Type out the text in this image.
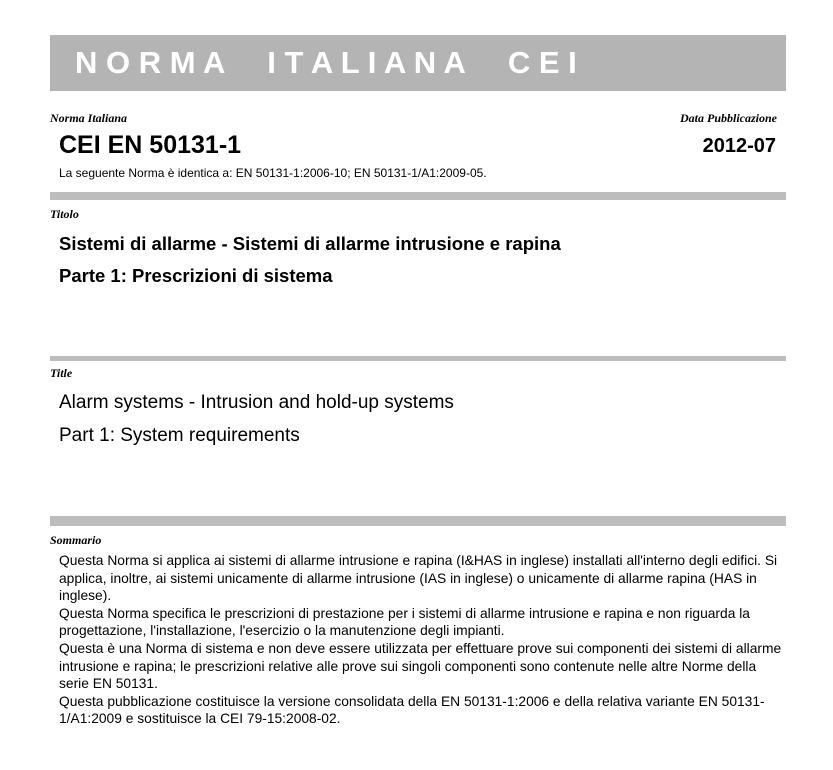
N O R M A     I T A L I A N A     C E I
Norma Italiana	Data Pubblicazione
CEI EN 50131-1	2012-07
La seguente Norma è identica a: EN 50131-1:2006-10; EN 50131-1/A1:2009-05.
Titolo
Sistemi di allarme - Sistemi di allarme intrusione e rapina
Parte 1: Prescrizioni di sistema
Title
Alarm systems - Intrusion and hold-up systems
Part 1: System requirements
Sommario

Questa Norma si applica ai sistemi di allarme intrusione e rapina (I&HAS in inglese) installati all'interno degli edifici. Si applica, inoltre, ai sistemi unicamente di allarme intrusione (IAS in inglese) o unicamente di allarme rapina (HAS in inglese).

Questa Norma specifica le prescrizioni di prestazione per i sistemi di allarme intrusione e rapina e non riguarda la progettazione, l'installazione, l'esercizio o la manutenzione degli impianti.

Questa è una Norma di sistema e non deve essere utilizzata per effettuare prove sui componenti dei sistemi di allarme intrusione e rapina; le prescrizioni relative alle prove sui singoli componenti sono contenute nelle altre Norme della serie EN 50131.

Questa pubblicazione costituisce la versione consolidata della EN 50131-1:2006 e della relativa variante EN 50131-1/A1:2009 e sostituisce la CEI 79-15:2008-02.
